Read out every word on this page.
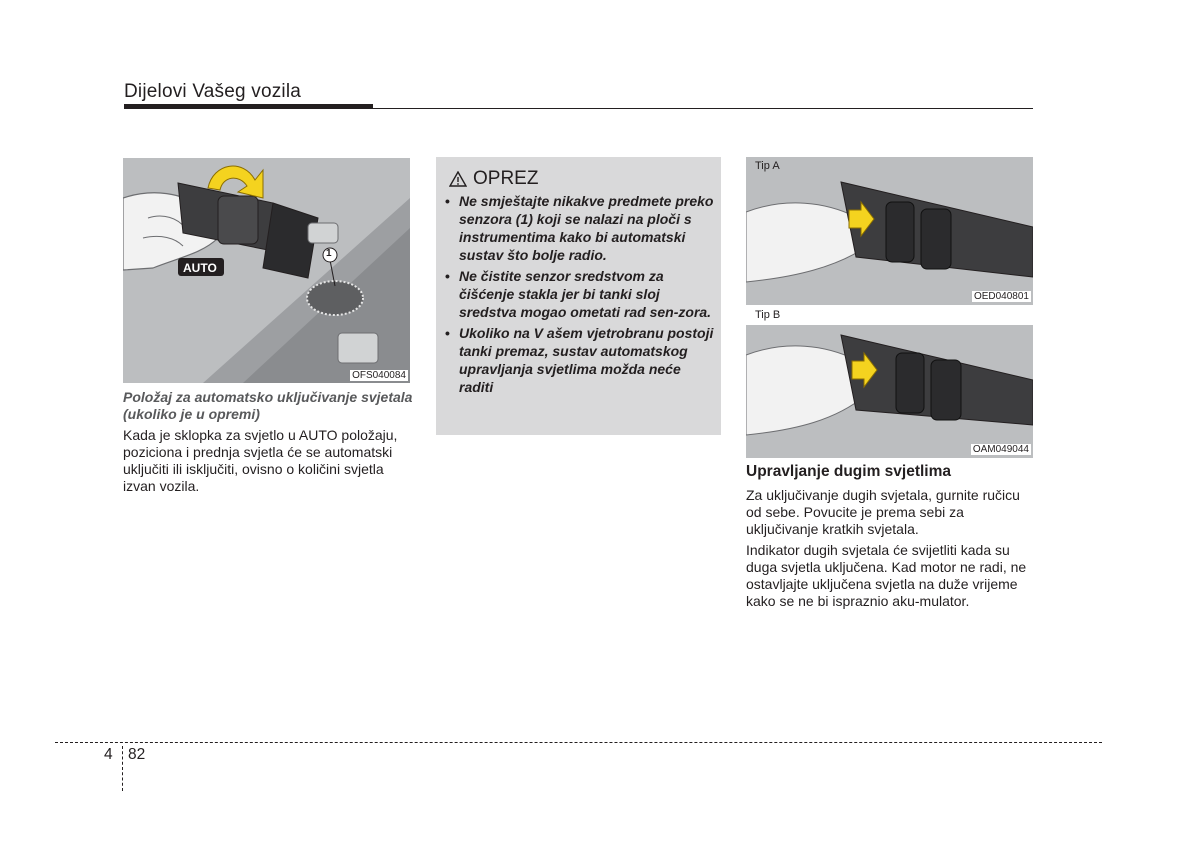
Dijelovi Vašeg vozila
AUTO
1
OFS040084
Položaj za automatsko uključivanje svjetala (ukoliko je u opremi)
Kada je sklopka za svjetlo u AUTO položaju, poziciona i prednja svjetla će se automatski uključiti ili isključiti, ovisno o količini svjetla izvan vozila.
OPREZ
• Ne smještajte nikakve predmete preko senzora (1) koji se nalazi na ploči s instrumentima kako bi automatski sustav što bolje radio.
• Ne čistite senzor sredstvom za čišćenje stakla jer bi tanki sloj sredstva mogao ometati rad sen-zora.
• Ukoliko na V ašem vjetrobranu postoji tanki premaz, sustav automatskog upravljanja svjetlima možda neće raditi
Tip A
OED040801
Tip B
OAM049044
Upravljanje dugim svjetlima
Za uključivanje dugih svjetala, gurnite ručicu od sebe. Povucite je prema sebi za uključivanje kratkih svjetala.
Indikator dugih svjetala će svijetliti kada su duga svjetla uključena. Kad motor ne radi, ne ostavljajte uključena svjetla na duže vrijeme kako se ne bi ispraznio aku-mulator.
4 82
